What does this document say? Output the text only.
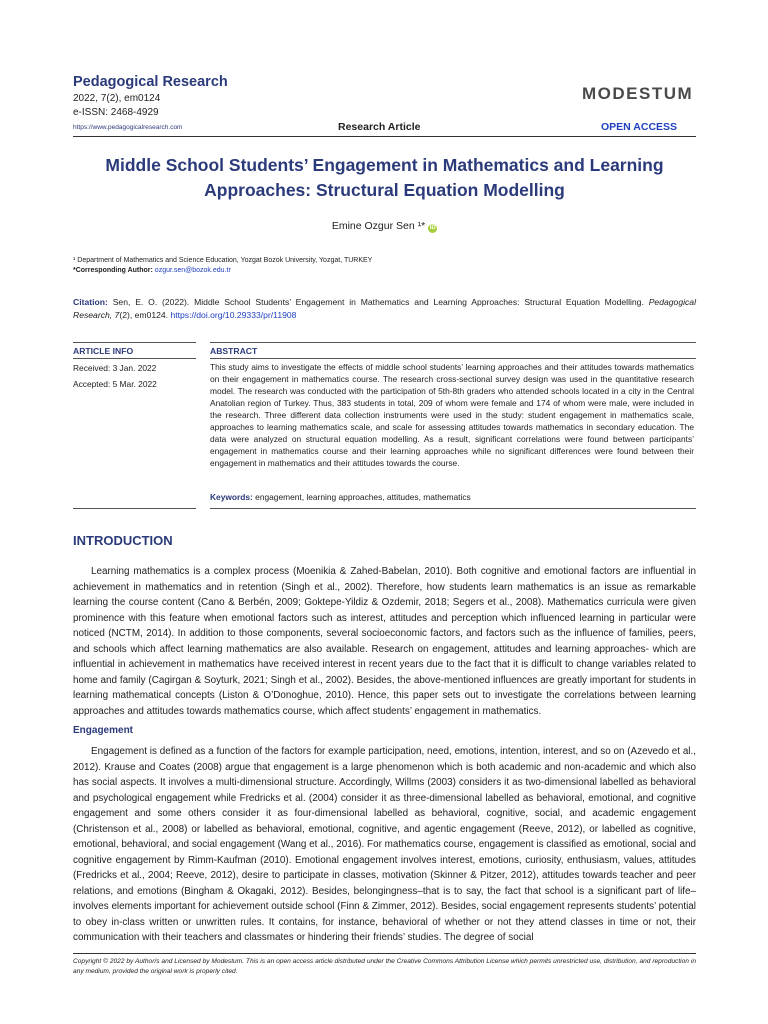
Pedagogical Research
2022, 7(2), em0124
e-ISSN: 2468-4929
https://www.pedagogicalresearch.com
MODESTUM
Research Article	OPEN ACCESS
Middle School Students’ Engagement in Mathematics and Learning
Approaches: Structural Equation Modelling
Emine Ozgur Sen ¹* iD
¹ Department of Mathematics and Science Education, Yozgat Bozok University, Yozgat, TURKEY
*Corresponding Author: ozgur.sen@bozok.edu.tr
Citation: Sen, E. O. (2022). Middle School Students’ Engagement in Mathematics and Learning Approaches: Structural Equation Modelling. Pedagogical Research, 7(2), em0124. https://doi.org/10.29333/pr/11908
ARTICLE INFO	ABSTRACT
Received: 3 Jan. 2022
Accepted: 5 Mar. 2022
This study aims to investigate the effects of middle school students’ learning approaches and their attitudes towards mathematics on their engagement in mathematics course. The research cross-sectional survey design was used in the quantitative research model. The research was conducted with the participation of 5th-8th graders who attended schools located in a city in the Central Anatolian region of Turkey. Thus, 383 students in total, 209 of whom were female and 174 of whom were male, were included in the research. Three different data collection instruments were used in the study: student engagement in mathematics scale, approaches to learning mathematics scale, and scale for assessing attitudes towards mathematics in secondary education. The data were analyzed on structural equation modelling. As a result, significant correlations were found between participants’ engagement in mathematics course and their learning approaches while no significant differences were found between their engagement in mathematics and their attitudes towards the course.
Keywords: engagement, learning approaches, attitudes, mathematics
INTRODUCTION
Learning mathematics is a complex process (Moenikia & Zahed-Babelan, 2010). Both cognitive and emotional factors are influential in achievement in mathematics and in retention (Singh et al., 2002). Therefore, how students learn mathematics is an issue as remarkable learning the course content (Cano & Berbén, 2009; Goktepe-Yildiz & Ozdemir, 2018; Segers et al., 2008). Mathematics curricula were given prominence with this feature when emotional factors such as interest, attitudes and perception which influenced learning in particular were noticed (NCTM, 2014). In addition to those components, several socioeconomic factors, and factors such as the influence of families, peers, and schools which affect learning mathematics are also available. Research on engagement, attitudes and learning approaches- which are influential in achievement in mathematics have received interest in recent years due to the fact that it is difficult to change variables related to home and family (Cagirgan & Soyturk, 2021; Singh et al., 2002). Besides, the above-mentioned influences are greatly important for students in learning mathematical concepts (Liston & O’Donoghue, 2010). Hence, this paper sets out to investigate the correlations between learning approaches and attitudes towards mathematics course, which affect students’ engagement in mathematics.
Engagement
Engagement is defined as a function of the factors for example participation, need, emotions, intention, interest, and so on (Azevedo et al., 2012). Krause and Coates (2008) argue that engagement is a large phenomenon which is both academic and non-academic and which also has social aspects. It involves a multi-dimensional structure. Accordingly, Willms (2003) considers it as two-dimensional labelled as behavioral and psychological engagement while Fredricks et al. (2004) consider it as three-dimensional labelled as behavioral, emotional, and cognitive engagement and some others consider it as four-dimensional labelled as behavioral, cognitive, social, and academic engagement (Christenson et al., 2008) or labelled as behavioral, emotional, cognitive, and agentic engagement (Reeve, 2012), or labelled as cognitive, emotional, behavioral, and social engagement (Wang et al., 2016). For mathematics course, engagement is classified as emotional, social and cognitive engagement by Rimm-Kaufman (2010). Emotional engagement involves interest, emotions, curiosity, enthusiasm, values, attitudes (Fredricks et al., 2004; Reeve, 2012), desire to participate in classes, motivation (Skinner & Pitzer, 2012), attitudes towards teacher and peer relations, and emotions (Bingham & Okagaki, 2012). Besides, belongingness–that is to say, the fact that school is a significant part of life–involves elements important for achievement outside school (Finn & Zimmer, 2012). Besides, social engagement represents students’ potential to obey in-class written or unwritten rules. It contains, for instance, behavioral of whether or not they attend classes in time or not, their communication with their teachers and classmates or hindering their friends’ studies. The degree of social
Copyright © 2022 by Author/s and Licensed by Modestum. This is an open access article distributed under the Creative Commons Attribution License which permits unrestricted use, distribution, and reproduction in any medium, provided the original work is properly cited.
